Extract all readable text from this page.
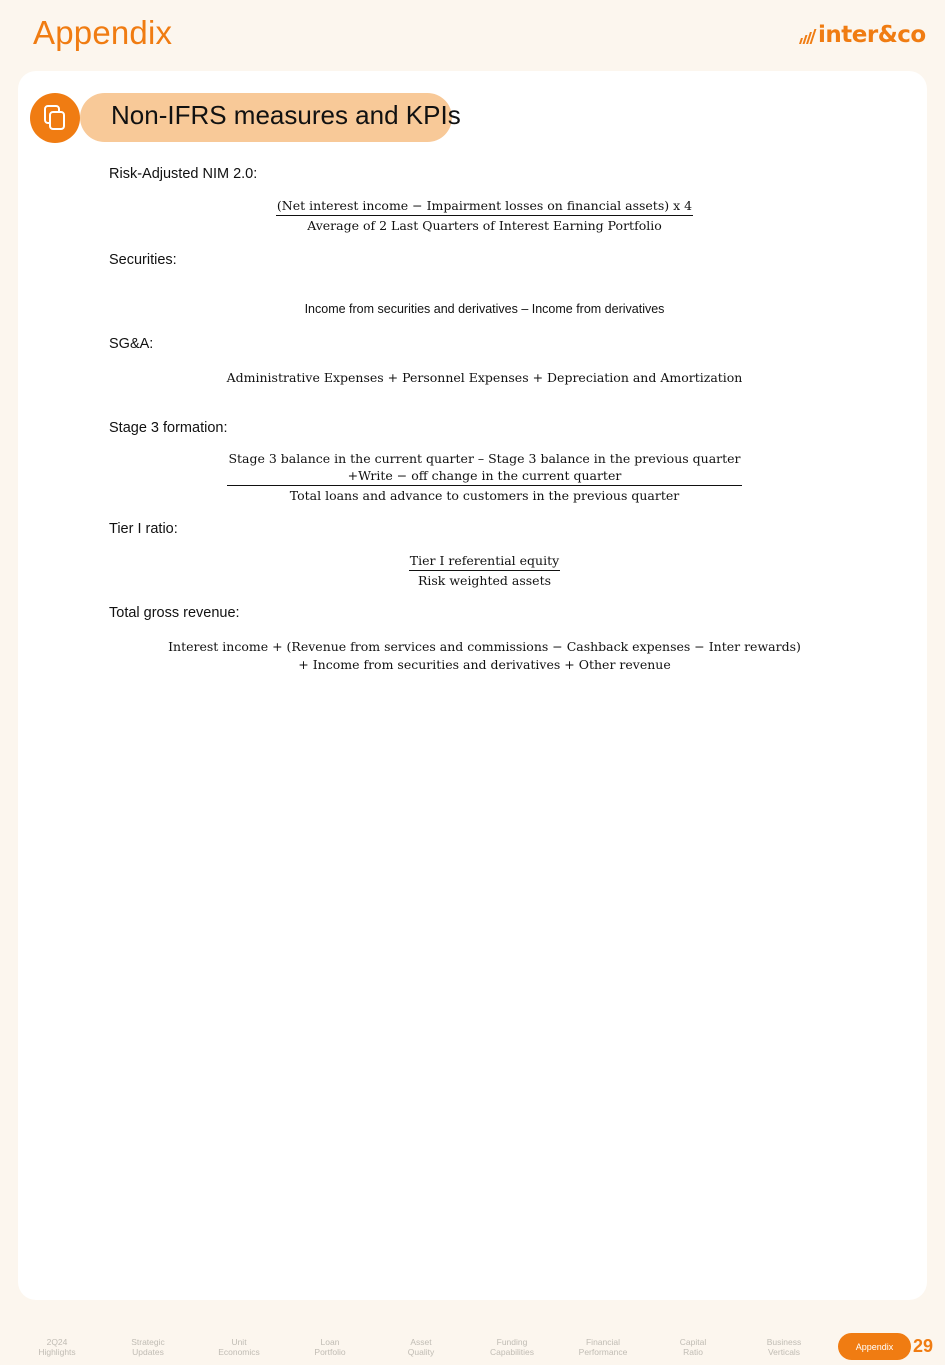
Appendix	inter&co
Non-IFRS measures and KPIs

Risk-Adjusted NIM 2.0:

(Net interest income − Impairment losses on financial assets) x 4
Average of 2 Last Quarters of Interest Earning Portfolio

Securities:

Income from securities and derivatives – Income from derivatives

SG&A:

Administrative Expenses + Personnel Expenses + Depreciation and Amortization

Stage 3 formation:

Stage 3 balance in the current quarter – Stage 3 balance in the previous quarter
+Write − off change in the current quarter
Total loans and advance to customers in the previous quarter

Tier I ratio:

$\frac{\text{Tier I referential equity}}{\text{Risk weighted assets}}$

Total gross revenue:

Interest income + (Revenue from services and commissions − Cashback expenses − Inter rewards)
+ Income from securities and derivatives + Other revenue
2Q24
Highlights
Strategic
Updates
Unit
Economics
Loan
Portfolio
Asset
Quality
Funding
Capabilities
Financial
Performance
Capital
Ratio
Business
Verticals
Appendix	29
